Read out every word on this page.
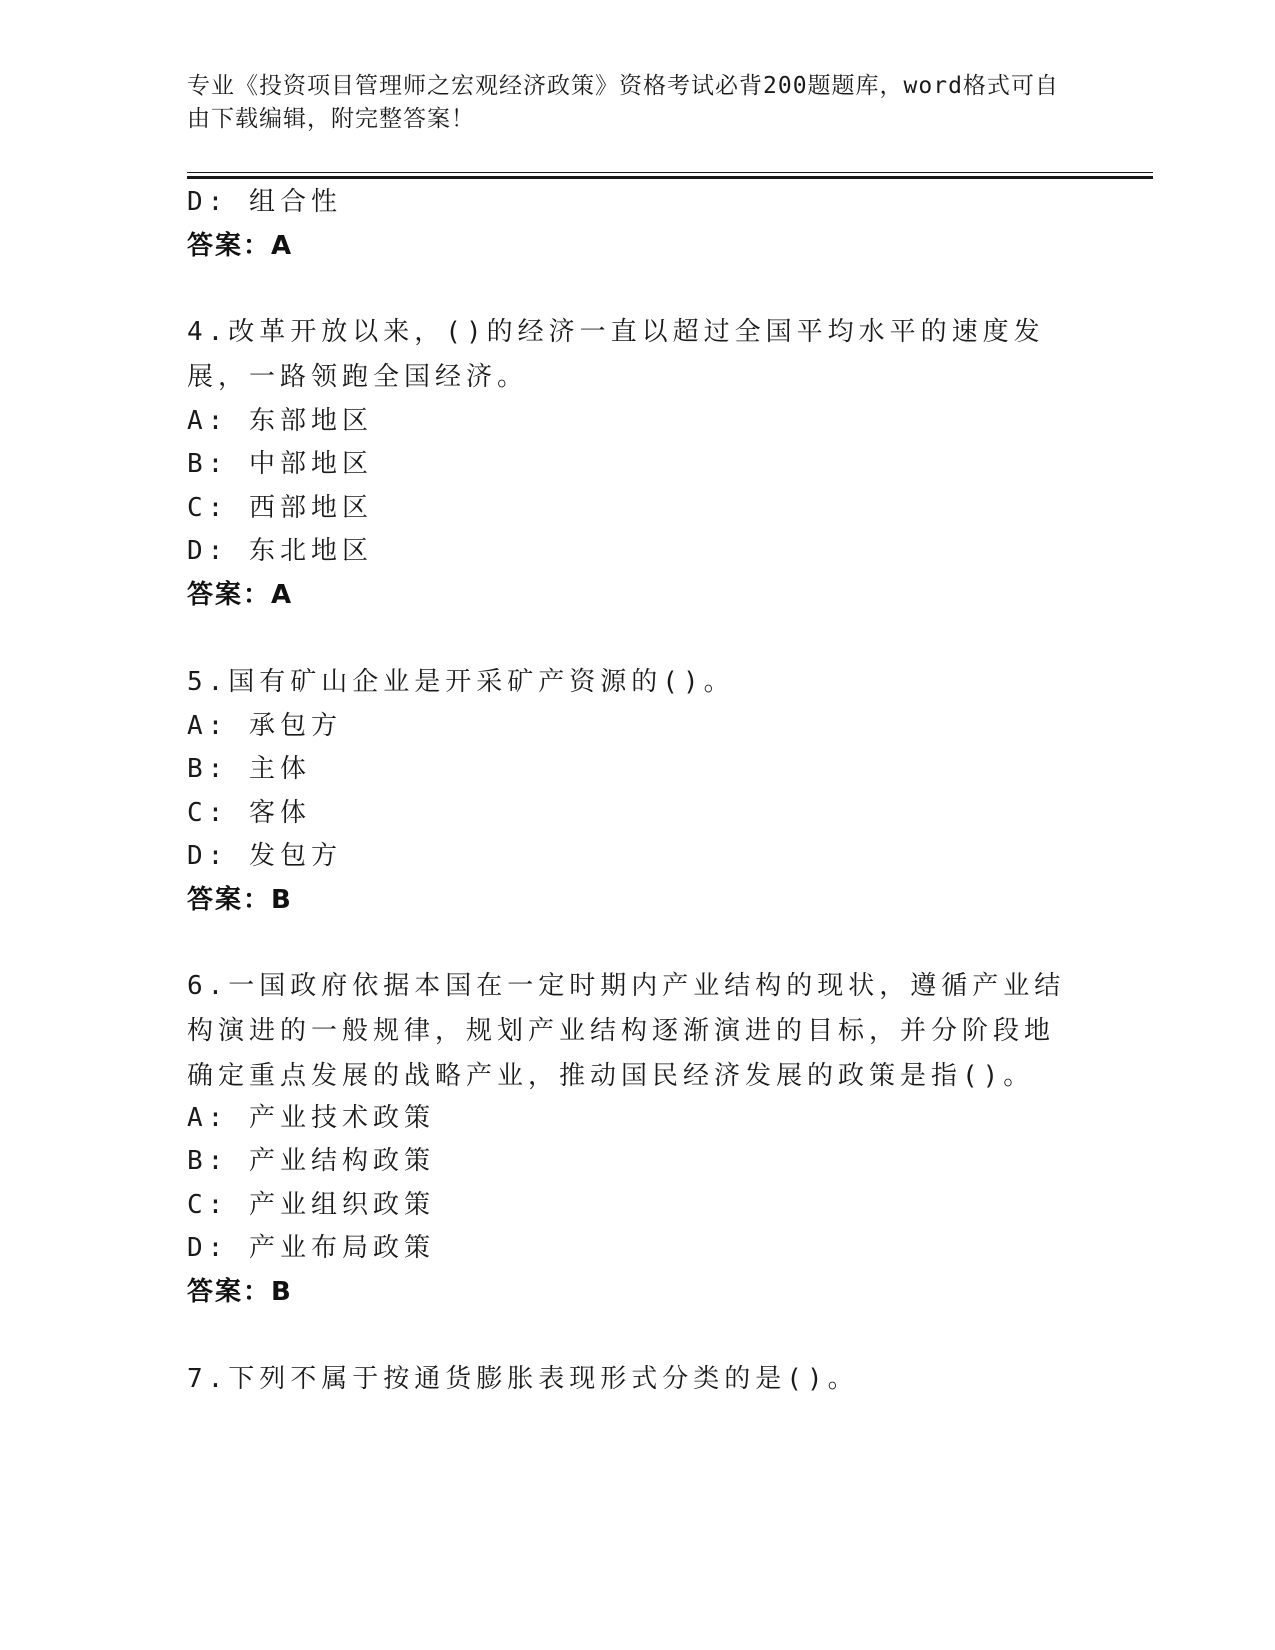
专业《投资项目管理师之宏观经济政策》资格考试必背200题题库，word格式可自由下载编辑，附完整答案！
D: 组合性
答案：A
4.改革开放以来，()的经济一直以超过全国平均水平的速度发展，一路领跑全国经济。
A: 东部地区
B: 中部地区
C: 西部地区
D: 东北地区
答案：A
5.国有矿山企业是开采矿产资源的()。
A: 承包方
B: 主体
C: 客体
D: 发包方
答案：B
6.一国政府依据本国在一定时期内产业结构的现状，遵循产业结构演进的一般规律，规划产业结构逐渐演进的目标，并分阶段地确定重点发展的战略产业，推动国民经济发展的政策是指()。
A: 产业技术政策
B: 产业结构政策
C: 产业组织政策
D: 产业布局政策
答案：B
7.下列不属于按通货膨胀表现形式分类的是()。
